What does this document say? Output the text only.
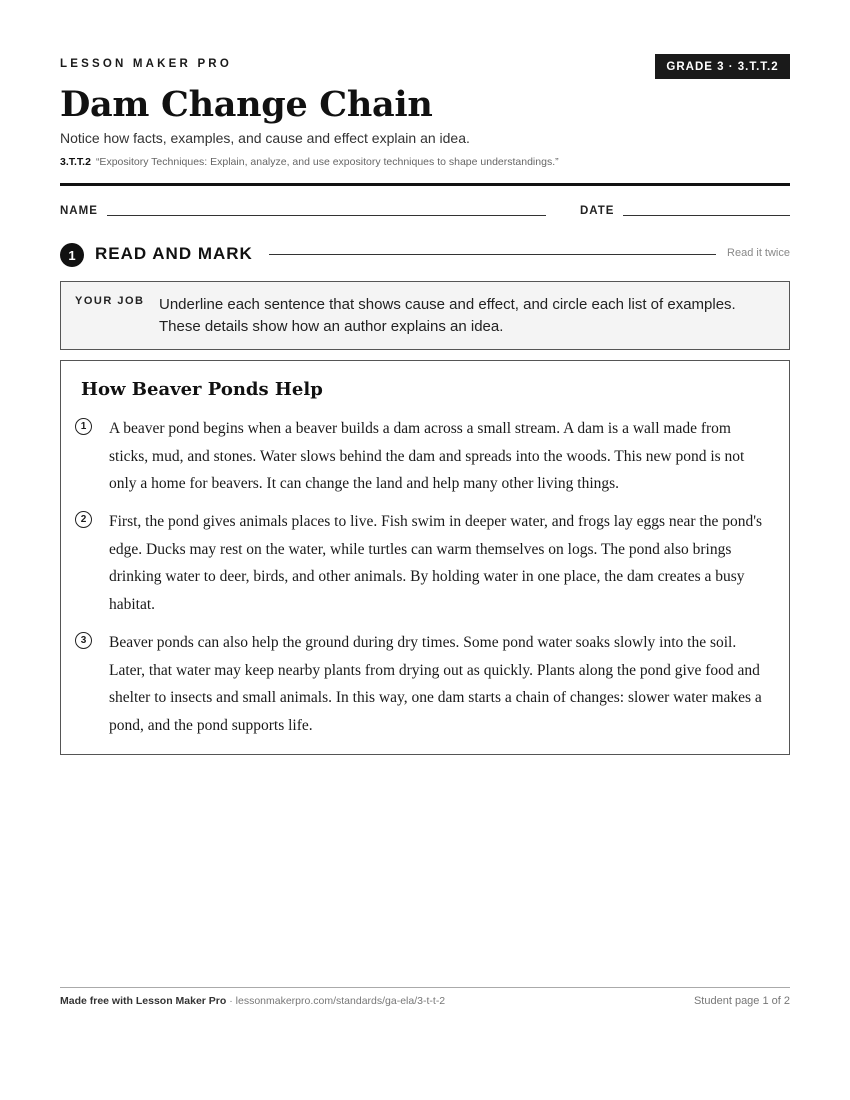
LESSON MAKER PRO	GRADE 3 · 3.T.T.2
Dam Change Chain
Notice how facts, examples, and cause and effect explain an idea.
3.T.T.2 “Expository Techniques: Explain, analyze, and use expository techniques to shape understandings.”
NAME	DATE
1	READ AND MARK	Read it twice
YOUR JOB Underline each sentence that shows cause and effect, and circle each list of examples. These details show how an author explains an idea.
How Beaver Ponds Help
1	A beaver pond begins when a beaver builds a dam across a small stream. A dam is a wall made from sticks, mud, and stones. Water slows behind the dam and spreads into the woods. This new pond is not only a home for beavers. It can change the land and help many other living things.
2	First, the pond gives animals places to live. Fish swim in deeper water, and frogs lay eggs near the pond's edge. Ducks may rest on the water, while turtles can warm themselves on logs. The pond also brings drinking water to deer, birds, and other animals. By holding water in one place, the dam creates a busy habitat.
3	Beaver ponds can also help the ground during dry times. Some pond water soaks slowly into the soil. Later, that water may keep nearby plants from drying out as quickly. Plants along the pond give food and shelter to insects and small animals. In this way, one dam starts a chain of changes: slower water makes a pond, and the pond supports life.
Made free with Lesson Maker Pro · lessonmakerpro.com/standards/ga-ela/3-t-t-2	Student page 1 of 2
